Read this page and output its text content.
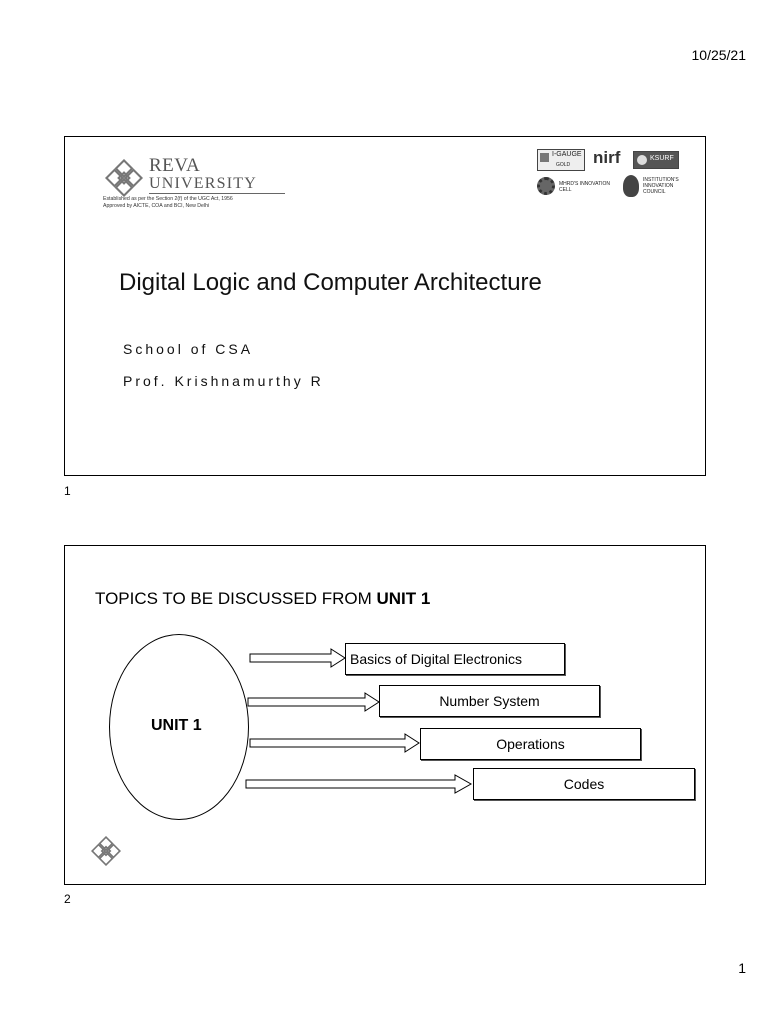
10/25/21
REVA
UNIVERSITY
Established as per the Section 2(f) of the UGC Act, 1956
Approved by AICTE, COA and BCI, New Delhi
I-GAUGE
GOLD nirf	KSURF
MHRD'S INNOVATION CELL
INSTITUTION'S INNOVATION COUNCIL
Digital Logic and Computer Architecture
School of CSA
Prof. Krishnamurthy R
1
TOPICS TO BE DISCUSSED FROM UNIT 1
UNIT 1
Basics of Digital Electronics
Number System
Operations
Codes
2
1
